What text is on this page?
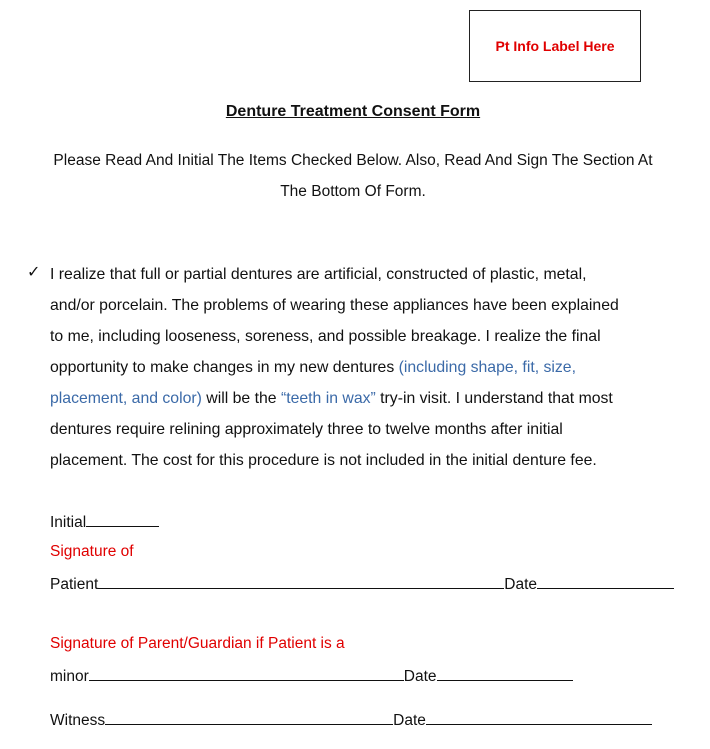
Pt Info Label Here
Denture Treatment Consent Form
Please Read And Initial The Items Checked Below. Also, Read And Sign The Section At
The Bottom Of Form.
✓ I realize that full or partial dentures are artificial, constructed of plastic, metal,
and/or porcelain. The problems of wearing these appliances have been explained
to me, including looseness, soreness, and possible breakage. I realize the final
opportunity to make changes in my new dentures (including shape, fit, size,
placement, and color) will be the “teeth in wax” try-in visit. I understand that most
dentures require relining approximately three to twelve months after initial
placement. The cost for this procedure is not included in the initial denture fee.
Initial
Signature of
Patient	Date
Signature of Parent/Guardian if Patient is a
minor	Date
Witness	Date
